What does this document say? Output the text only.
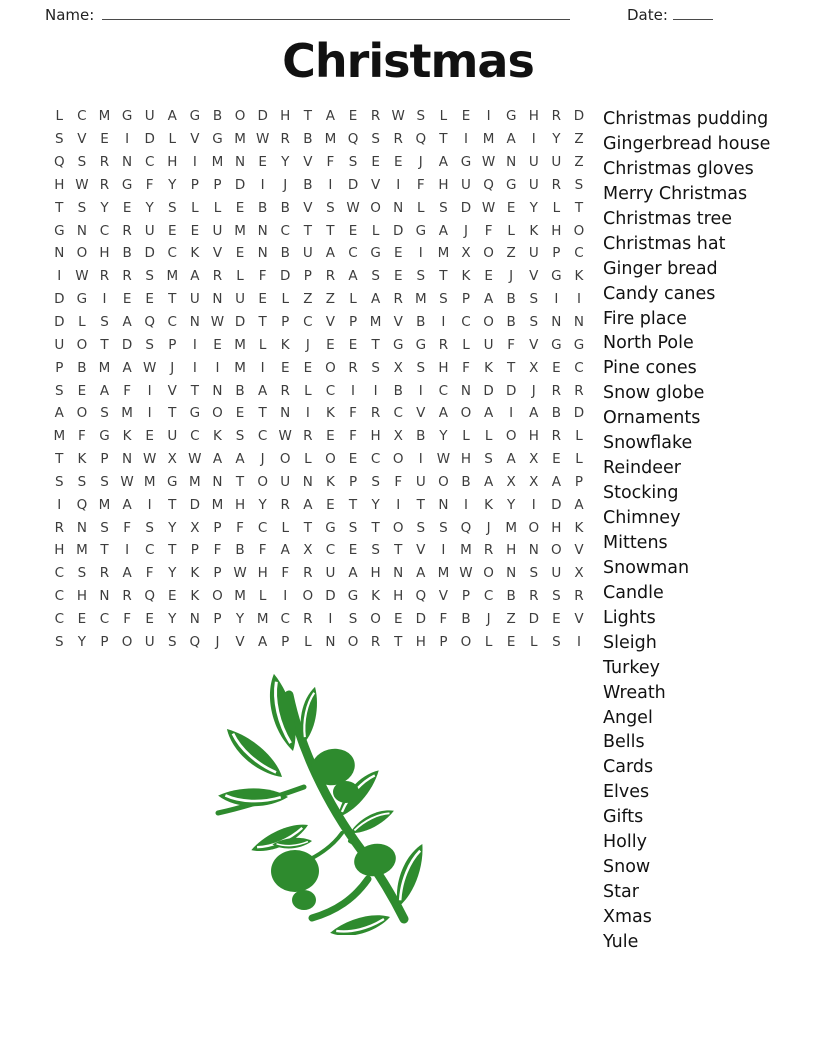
Name:	Date:
Christmas
L	C M G U A G B O D H T	A	E	R W S	L	E	I	G H R D
S	V	E	I	D	L	V G M W R B M Q S	R Q T	I	M A	I	Y	Z
Q S	R N C H	I	M N E	Y	V	F	S	E	E	J	A G W N U U Z
H W R G F	Y	P	P D	I	J	B	I	D V	I	F	H U Q G U R	S
T	S	Y	E	Y	S	L	L	E	B B V	S W O N	L	S D W E	Y	L	T
G N C R U E	E U M N C	T	T	E	L	D G A	J	F	L	K H O
N O H B D C K	V	E N B U A C G E	I	M X O Z U	P	C
I	W R R	S M A R	L	F	D P	R A	S	E	S	T	K	E	J	V G K
D G	I	E	E	T	U N U E	L	Z Z	L	A R M S	P	A B	S	I	I
D	L	S	A Q C N W D T	P	C V	P M V B	I	C O B	S N N
U O T D S	P	I	E M L	K	J	E	E	T G G R	L	U	F	V G G
P	B M A W	J	I	I	M	I	E	E O R	S	X	S H	F	K	T	X	E	C
S	E	A	F	I	V	T N B A R	L	C	I	I	B	I	C N D D	J	R R
A O S M	I	T G O E	T N	I	K	F	R C V A O A	I	A B D
M F G K	E U C K	S	C W R	E	F	H X B	Y	L	L	O H R	L
T	K	P N W X W A A	J	O	L	O E	C O	I	W H S	A X	E	L
S	S	S W M G M N T O U N K	P	S	F	U O B A X X A	P
I	Q M A	I	T D M H Y	R A	E	T	Y	I	T N	I	K	Y	I	D A
R N S	F	S	Y	X	P	F	C	L	T G S	T O S	S Q	J	M O H K
H M T	I	C	T	P	F	B	F	A X C	E	S	T	V	I	M R H N O V
C	S	R A	F	Y	K	P W H	F	R U A H N A M W O N S U X
C H N R Q E	K O M L	I	O D G K H Q V	P	C B R	S	R
C	E	C	F	E	Y N P	Y M C R	I	S O E D	F	B	J	Z D E	V
S	Y	P O U S Q	J	V A	P	L	N O R	T H P O	L	E	L	S	I
Christmas pudding
Gingerbread house
Christmas gloves
Merry Christmas
Christmas tree
Christmas hat
Ginger bread
Candy canes
Fire place
North Pole
Pine cones
Snow globe
Ornaments
Snowflake
Reindeer
Stocking
Chimney
Mittens
Snowman
Candle
Lights
Sleigh
Turkey
Wreath
Angel
Bells
Cards
Elves
Gifts
Holly
Snow
Star
Xmas
Yule
